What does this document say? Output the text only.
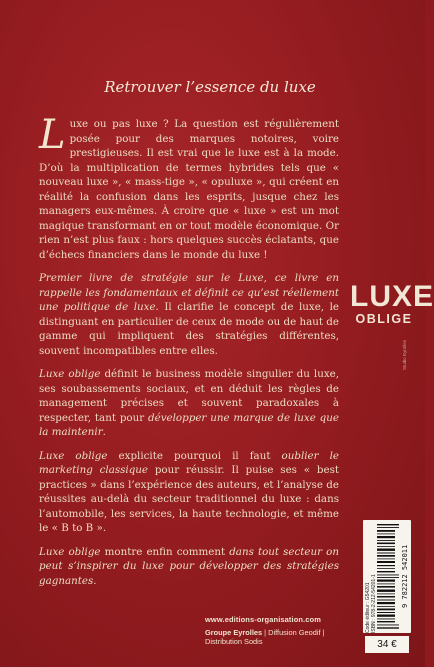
Retrouver l’essence du luxe

Luxe ou pas luxe ? La question est régulièrement posée pour des marques notoires, voire prestigieuses. Il est vrai que le luxe est à la mode. D’où la multiplication de termes hybrides tels que « nouveau luxe », « mass-tige », « opuluxe », qui créent en réalité la confusion dans les esprits, jusque chez les managers eux-mêmes. À croire que « luxe » est un mot magique transformant en or tout modèle économique. Or rien n’est plus faux : hors quelques succès éclatants, que d’échecs financiers dans le monde du luxe !

Premier livre de stratégie sur le Luxe, ce livre en rappelle les fondamentaux et définit ce qu’est réellement une politique de luxe. Il clarifie le concept de luxe, le distinguant en particulier de ceux de mode ou de haut de gamme qui impliquent des stratégies différentes, souvent incompatibles entre elles.

Luxe oblige définit le business modèle singulier du luxe, ses soubassements sociaux, et en déduit les règles de management précises et souvent paradoxales à respecter, tant pour développer une marque de luxe que la maintenir.

Luxe oblige explicite pourquoi il faut oublier le marketing classique pour réussir. Il puise ses « best practices » dans l’expérience des auteurs, et l’analyse de réussites au-delà du secteur traditionnel du luxe : dans l’automobile, les services, la haute technologie, et même le « B to B ».

Luxe oblige montre enfin comment dans tout secteur on peut s’inspirer du luxe pour développer des stratégies gagnantes.

LUXE
OBLIGE
Studio Eyrolles
www.editions-organisation.com
Groupe Eyrolles | Diffusion Geodif | Distribution Sodis
Code éditeur : G54201
ISBN : 978-2-212-54201-1	9 782212 542011
34 €
